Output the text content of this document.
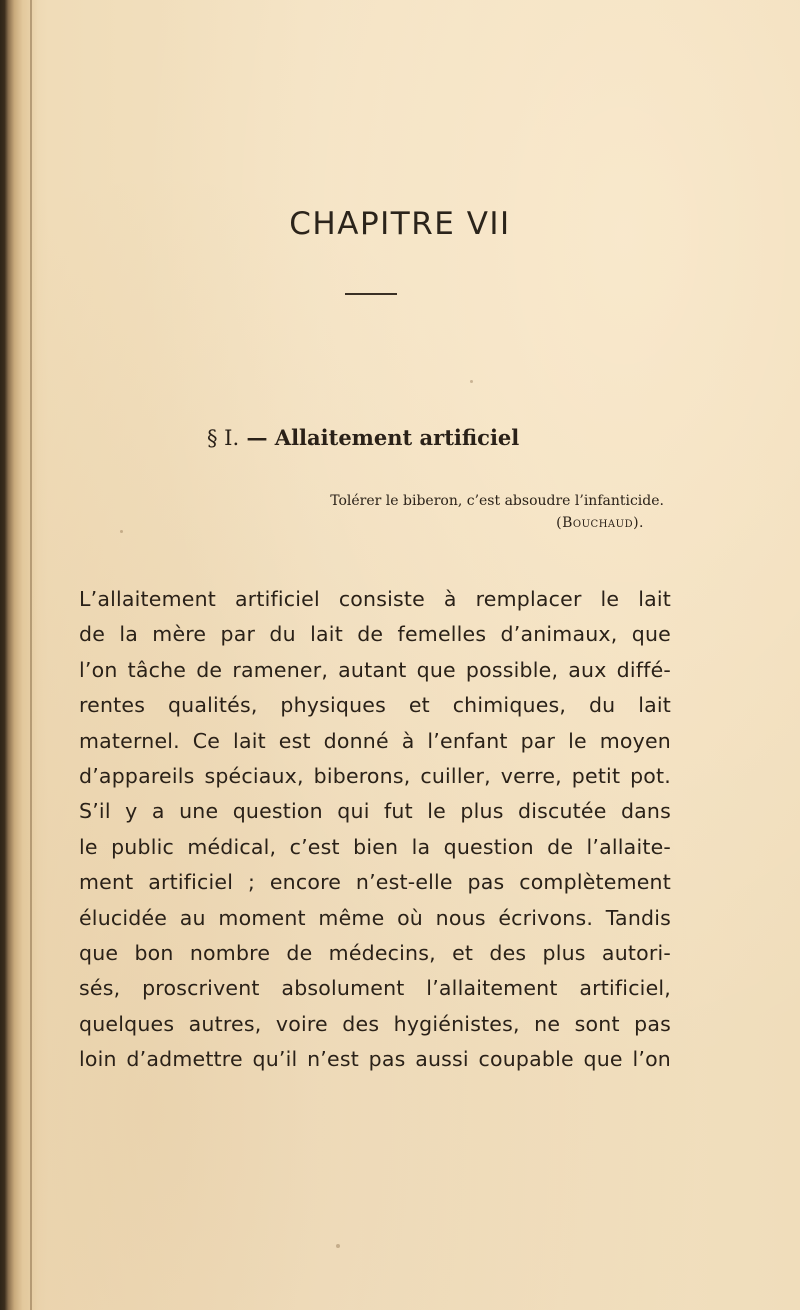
CHAPITRE VII
§ I. — Allaitement artificiel
Tolérer le biberon, c’est absoudre l’infanticide.
(Bouchaud).
L’allaitement artificiel consiste à remplacer le lait
de la mère par du lait de femelles d’animaux, que
l’on tâche de ramener, autant que possible, aux diffé-
rentes qualités, physiques et chimiques, du lait
maternel. Ce lait est donné à l’enfant par le moyen
d’appareils spéciaux, biberons, cuiller, verre, petit pot.
S’il y a une question qui fut le plus discutée dans
le public médical, c’est bien la question de l’allaite-
ment artificiel ; encore n’est-elle pas complètement
élucidée au moment même où nous écrivons. Tandis
que bon nombre de médecins, et des plus autori-
sés, proscrivent absolument l’allaitement artificiel,
quelques autres, voire des hygiénistes, ne sont pas
loin d’admettre qu’il n’est pas aussi coupable que l’on
